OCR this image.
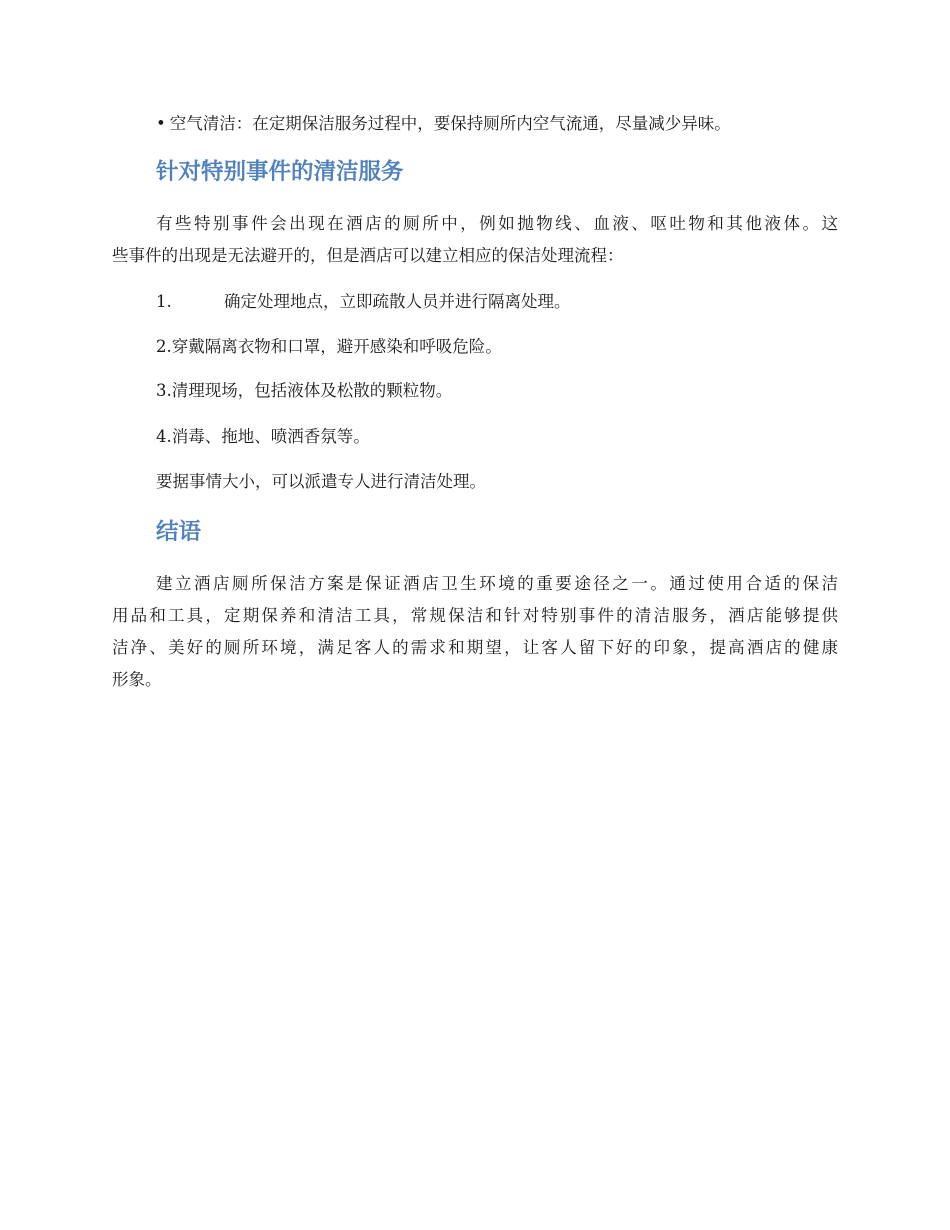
• 空气清洁：在定期保洁服务过程中，要保持厕所内空气流通，尽量减少异味。
针对特别事件的清洁服务
有些特别事件会出现在酒店的厕所中，例如抛物线、血液、呕吐物和其他液体。这
些事件的出现是无法避开的，但是酒店可以建立相应的保洁处理流程：
1.	确定处理地点，立即疏散人员并进行隔离处理。
2.穿戴隔离衣物和口罩，避开感染和呼吸危险。
3.清理现场，包括液体及松散的颗粒物。
4.消毒、拖地、喷洒香氛等。
要据事情大小，可以派遣专人进行清洁处理。
结语
建立酒店厕所保洁方案是保证酒店卫生环境的重要途径之一。通过使用合适的保洁
用品和工具，定期保养和清洁工具，常规保洁和针对特别事件的清洁服务，酒店能够提供
洁净、美好的厕所环境，满足客人的需求和期望，让客人留下好的印象，提高酒店的健康
形象。
